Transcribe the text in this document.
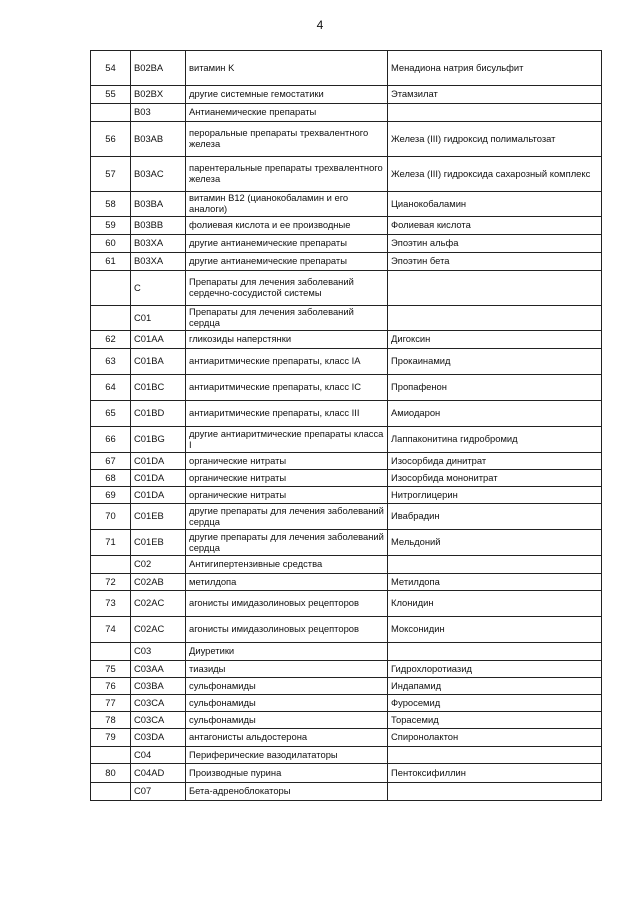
4
54	B02BA	витамин K	Менадиона натрия бисульфит
55	B02BX	другие системные гемостатики	Этамзилат
	B03	Антианемические препараты	
56	B03AB	пероральные препараты трехвалентного железа	Железа (III) гидроксид полимальтозат
57	B03AC	парентеральные препараты трехвалентного железа	Железа (III) гидроксида сахарозный комплекс
58	B03BA	витамин B12 (цианокобаламин и его аналоги)	Цианокобаламин
59	B03BB	фолиевая кислота и ее производные	Фолиевая кислота
60	B03XA	другие антианемические препараты	Эпоэтин альфа
61	B03XA	другие антианемические препараты	Эпоэтин бета
	C	Препараты для лечения заболеваний сердечно-сосудистой системы	
	C01	Препараты для лечения заболеваний сердца	
62	C01AA	гликозиды наперстянки	Дигоксин
63	C01BA	антиаритмические препараты, класс IA	Прокаинамид
64	C01BC	антиаритмические препараты, класс IC	Пропафенон
65	C01BD	антиаритмические препараты, класс III	Амиодарон
66	C01BG	другие антиаритмические препараты класса I	Лаппаконитина гидробромид
67	C01DA	органические нитраты	Изосорбида динитрат
68	C01DA	органические нитраты	Изосорбида мононитрат
69	C01DA	органические нитраты	Нитроглицерин
70	C01EB	другие препараты для лечения заболеваний сердца	Ивабрадин
71	C01EB	другие препараты для лечения заболеваний сердца	Мельдоний
	C02	Антигипертензивные средства	
72	C02AB	метилдопа	Метилдопа
73	C02AC	агонисты имидазолиновых рецепторов	Клонидин
74	C02AC	агонисты имидазолиновых рецепторов	Моксонидин
	C03	Диуретики	
75	C03AA	тиазиды	Гидрохлоротиазид
76	C03BA	сульфонамиды	Индапамид
77	C03CA	сульфонамиды	Фуросемид
78	C03CA	сульфонамиды	Торасемид
79	C03DA	антагонисты альдостерона	Спиронолактон
	C04	Периферические вазодилататоры	
80	C04AD	Производные пурина	Пентоксифиллин
	C07	Бета-адреноблокаторы	
